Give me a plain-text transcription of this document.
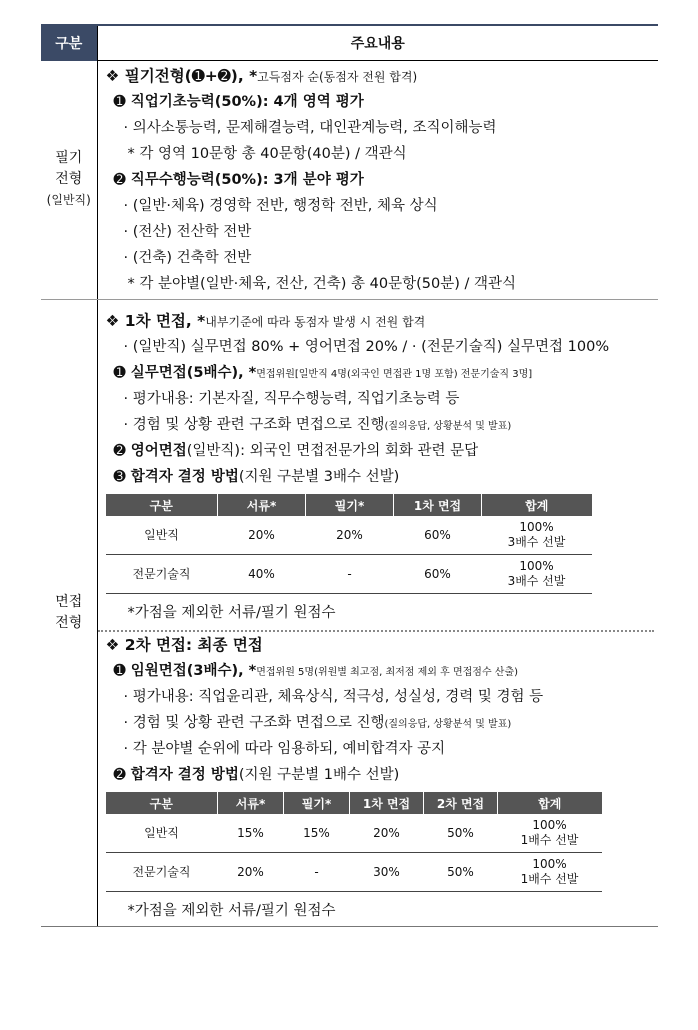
구분	주요내용

필기
전형
(일반직)

❖ 필기전형(➊+➋), *고득점자 순(동점자 전원 합격)
➊ 직업기초능력(50%): 4개 영역 평가
· 의사소통능력, 문제해결능력, 대인관계능력, 조직이해능력
* 각 영역 10문항 총 40문항(40분) / 객관식
➋ 직무수행능력(50%): 3개 분야 평가
· (일반·체육) 경영학 전반, 행정학 전반, 체육 상식
· (전산) 전산학 전반
· (건축) 건축학 전반
* 각 분야별(일반·체육, 전산, 건축) 총 40문항(50분) / 객관식

면접
전형

❖ 1차 면접, *내부기준에 따라 동점자 발생 시 전원 합격
· (일반직) 실무면접 80% + 영어면접 20% / · (전문기술직) 실무면접 100%
➊ 실무면접(5배수), *면접위원[일반직 4명(외국인 면접관 1명 포함) 전문기술직 3명]
· 평가내용: 기본자질, 직무수행능력, 직업기초능력 등
· 경험 및 상황 관련 구조화 면접으로 진행(질의응답, 상황분석 및 발표)
➋ 영어면접(일반직): 외국인 면접전문가의 회화 관련 문답
➌ 합격자 결정 방법(지원 구분별 3배수 선발)
구분	서류*	필기*	1차 면접	합계
일반직	20%	20%	60%	
100%
3배수 선발

전문기술직	40%	-	60%	
100%
3배수 선발
*가점을 제외한 서류/필기 원점수
❖ 2차 면접: 최종 면접
➊ 임원면접(3배수), *면접위원 5명(위원별 최고점, 최저점 제외 후 면접점수 산출)
· 평가내용: 직업윤리관, 체육상식, 적극성, 성실성, 경력 및 경험 등
· 경험 및 상황 관련 구조화 면접으로 진행(질의응답, 상황분석 및 발표)
· 각 분야별 순위에 따라 임용하되, 예비합격자 공지
➋ 합격자 결정 방법(지원 구분별 1배수 선발)
구분	서류*	필기*	1차 면접	2차 면접	합계
일반직	15%	15%	20%	50%	
100%
1배수 선발

전문기술직	20%	-	30%	50%	
100%
1배수 선발
*가점을 제외한 서류/필기 원점수
